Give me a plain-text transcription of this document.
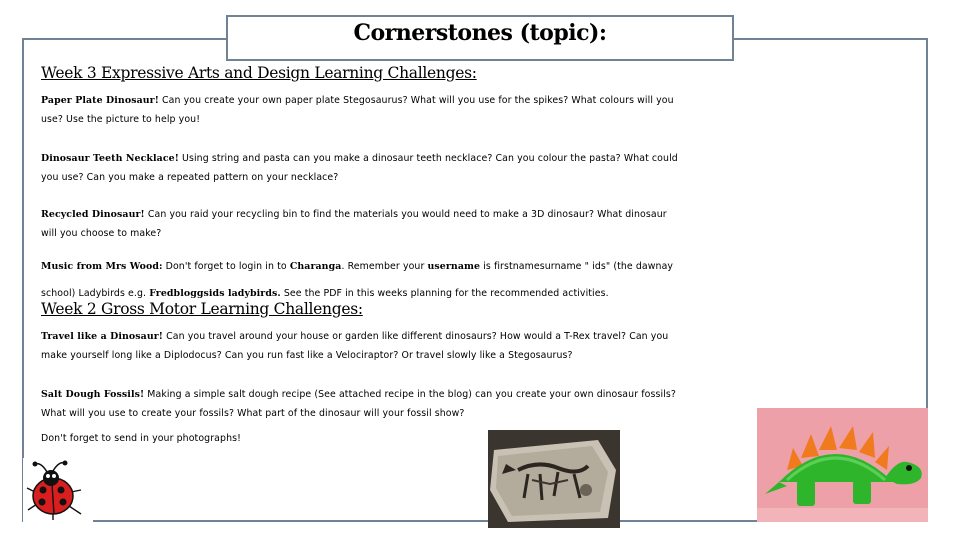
Cornerstones (topic):
Week 3 Expressive Arts and Design Learning Challenges:
Paper Plate Dinosaur! Can you create your own paper plate Stegosaurus? What will you use for the spikes? What colours will you use? Use the picture to help you!
Dinosaur Teeth Necklace! Using string and pasta can you make a dinosaur teeth necklace? Can you colour the pasta? What could you use? Can you make a repeated pattern on your necklace?
Recycled Dinosaur! Can you raid your recycling bin to find the materials you would need to make a 3D dinosaur? What dinosaur will you choose to make?
Music from Mrs Wood: Don't forget to login in to Charanga. Remember your username is firstnamesurname " ids" (the dawnay school) Ladybirds e.g. Fredbloggsids ladybirds. See the PDF in this weeks planning for the recommended activities.
Week 2 Gross Motor Learning Challenges:
Travel like a Dinosaur! Can you travel around your house or garden like different dinosaurs? How would a T-Rex travel? Can you make yourself long like a Diplodocus? Can you run fast like a Velociraptor? Or travel slowly like a Stegosaurus?
Salt Dough Fossils! Making a simple salt dough recipe (See attached recipe in the blog) can you create your own dinosaur fossils? What will you use to create your fossils? What part of the dinosaur will your fossil show?
Don't forget to send in your photographs!
